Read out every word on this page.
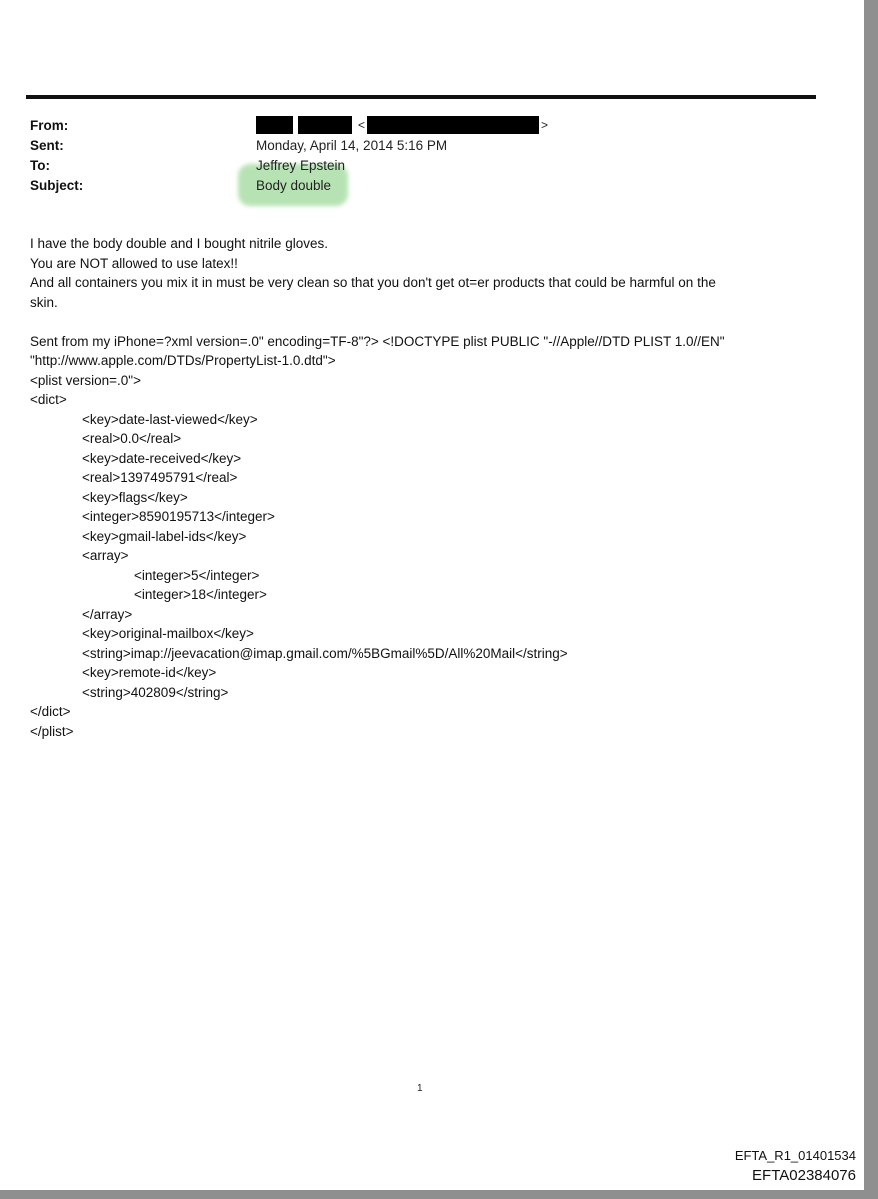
From:
Sent:
To:
Subject:
<	>
Monday, April 14, 2014 5:16 PM
Jeffrey Epstein
Body double
I have the body double and I bought nitrile gloves.
You are NOT allowed to use latex!!
And all containers you mix it in must be very clean so that you don't get ot=er products that could be harmful on the
skin.
Sent from my iPhone=?xml version=.0" encoding=TF-8"?> <!DOCTYPE plist PUBLIC "-//Apple//DTD PLIST 1.0//EN"
"http://www.apple.com/DTDs/PropertyList-1.0.dtd">
<plist version=.0">
<dict>
<key>date-last-viewed</key>
<real>0.0</real>
<key>date-received</key>
<real>1397495791</real>
<key>flags</key>
<integer>8590195713</integer>
<key>gmail-label-ids</key>
<array>
<integer>5</integer>
<integer>18</integer>
</array>
<key>original-mailbox</key>
<string>imap://jeevacation@imap.gmail.com/%5BGmail%5D/All%20Mail</string>
<key>remote-id</key>
<string>402809</string>
</dict>
</plist>
1
EFTA_R1_01401534
EFTA02384076
